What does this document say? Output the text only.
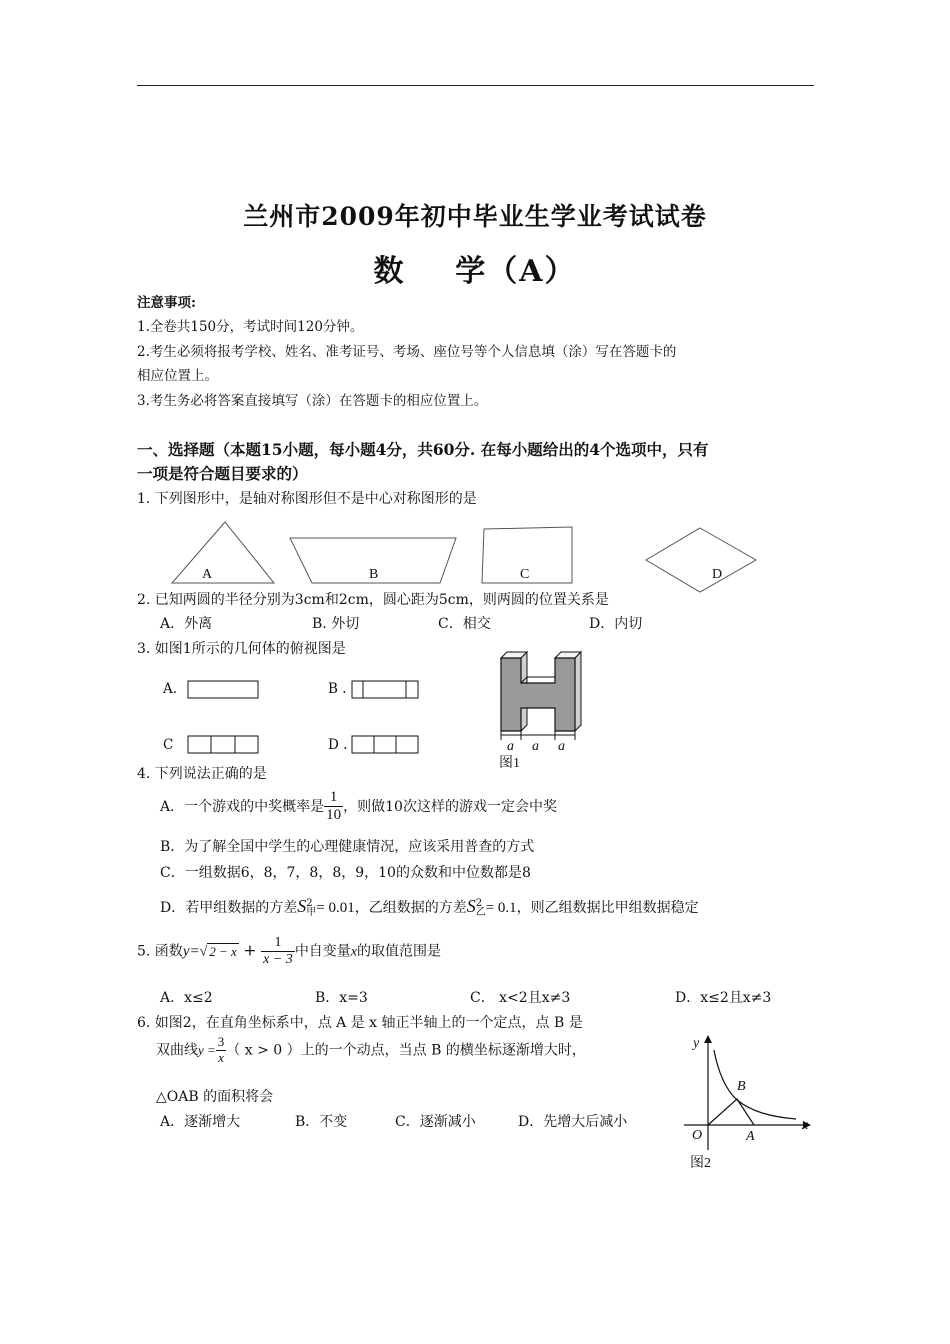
兰州市2009年初中毕业生学业考试试卷
数    学（A）
注意事项:
1.全卷共150分，考试时间120分钟。
2.考生必须将报考学校、姓名、准考证号、考场、座位号等个人信息填（涂）写在答题卡的
相应位置上。
3.考生务必将答案直接填写（涂）在答题卡的相应位置上。
一、选择题（本题15小题，每小题4分，共60分. 在每小题给出的4个选项中，只有
一项是符合题目要求的）
1. 下列图形中，是轴对称图形但不是中心对称图形的是
A	B	C	D
2. 已知两圆的半径分别为3cm和2cm，圆心距为5cm，则两圆的位置关系是
A．外离	B. 外切	C．相交	D．内切
3. 如图1所示的几何体的俯视图是
A.	B .
C	D .	a a a
图1
4. 下列说法正确的是
A．一个游戏的中奖概率是 $\frac{1}{10}$ ，则做10次这样的游戏一定会中奖
B．为了解全国中学生的心理健康情况，应该采用普查的方式
C．一组数据6，8，7，8，8，9，10的众数和中位数都是8
D．若甲组数据的方差S 2
甲 = 0.01，乙组数据的方差S 2
乙 = 0.1，则乙组数据比甲组数据稳定
5. 函数y=√ $2 - x + \frac{1}{x - 3}$ 中自变量x的取值范围是
A．x≤2	B．x=3	C． x<2且x≠3	D．x≤2且x≠3
6. 如图2，在直角坐标系中，点 A 是 x 轴正半轴上的一个定点，点 B 是
双曲线$y = \frac{3}{x}$ （ x > 0 ）上的一个动点，当点 B 的横坐标逐渐增大时，
△OAB 的面积将会
A．逐渐增大	B．不变	C．逐渐减小	D．先增大后减小
y
x
O	A
B
图2
